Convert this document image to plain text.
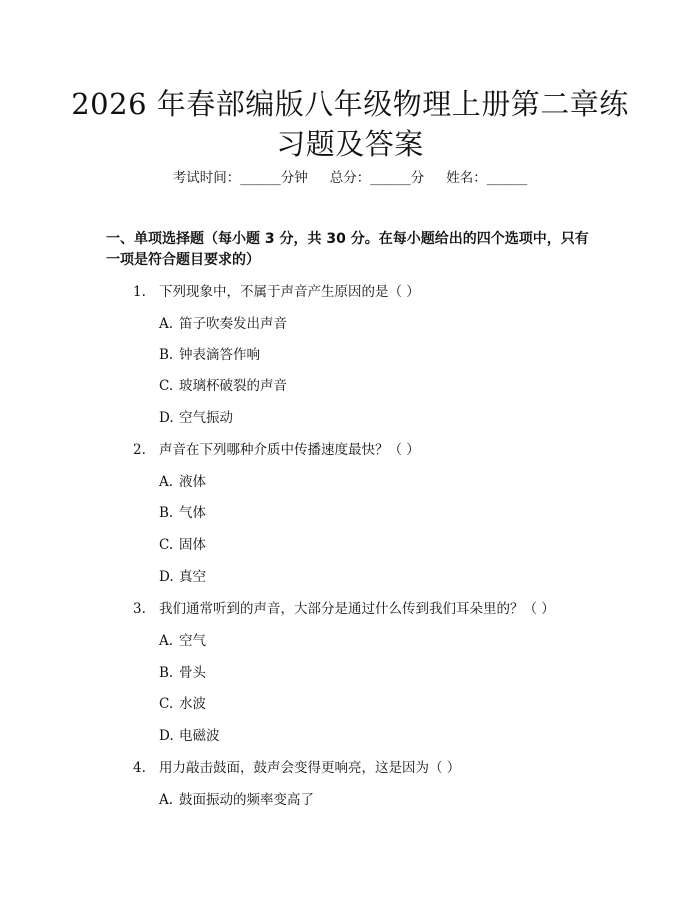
2026 年春部编版八年级物理上册第二章练习题及答案
考试时间：______分钟 总分：______分 姓名：______
一、单项选择题（每小题 3 分，共 30 分。在每小题给出的四个选项中，只有一项是符合题目要求的）
1. 下列现象中，不属于声音产生原因的是（ ）
A. 笛子吹奏发出声音
B. 钟表滴答作响
C. 玻璃杯破裂的声音
D. 空气振动
2. 声音在下列哪种介质中传播速度最快？（ ）
A. 液体
B. 气体
C. 固体
D. 真空
3. 我们通常听到的声音，大部分是通过什么传到我们耳朵里的？（ ）
A. 空气
B. 骨头
C. 水波
D. 电磁波
4. 用力敲击鼓面，鼓声会变得更响亮，这是因为（ ）
A. 鼓面振动的频率变高了
